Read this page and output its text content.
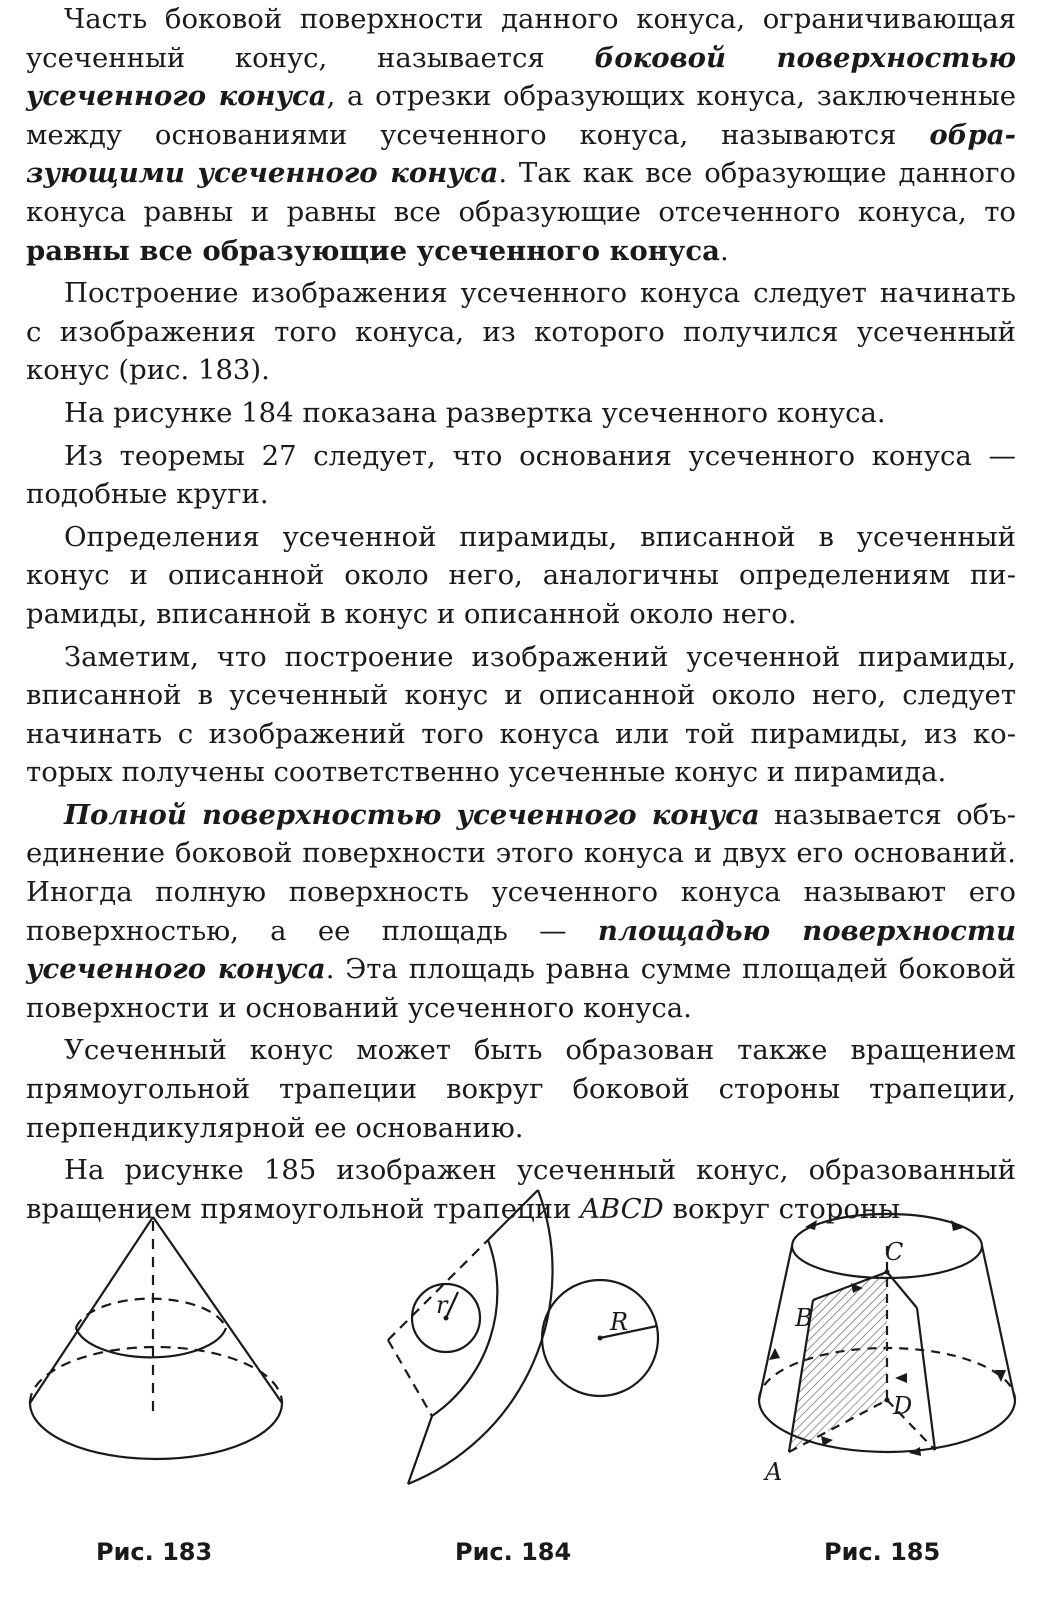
Часть боковой поверхности данного конуса, ограничивающая усеченный конус, называется боковой поверхностью усеченного конуса, а отрезки образующих конуса, заключенные между основаниями усеченного конуса, называются образующими усеченного конуса. Так как все образующие данного конуса равны и равны все образующие отсеченного конуса, то равны все образующие усеченного конуса.

Построение изображения усеченного конуса следует начинать с изображения того конуса, из которого получился усеченный конус (рис. 183).

На рисунке 184 показана развертка усеченного конуса.

Из теоремы 27 следует, что основания усеченного конуса — подобные круги.

Определения усеченной пирамиды, вписанной в усеченный конус и описанной около него, аналогичны определениям пирамиды, вписанной в конус и описанной около него.

Заметим, что построение изображений усеченной пирамиды, вписанной в усеченный конус и описанной около него, следует начинать с изображений того конуса или той пирамиды, из которых получены соответственно усеченные конус и пирамида.

Полной поверхностью усеченного конуса называется объединение боковой поверхности этого конуса и двух его оснований. Иногда полную поверхность усеченного конуса называют его поверхностью, а ее площадь — площадью поверхности усеченного конуса. Эта площадь равна сумме площадей боковой поверхности и оснований усеченного конуса.

Усеченный конус может быть образован также вращением прямоугольной трапеции вокруг боковой стороны трапеции, перпендикулярной ее основанию.

На рисунке 185 изображен усеченный конус, образованный вращением прямоугольной трапеции ABCD вокруг стороны

Рис. 183
r
R
Рис. 184
A
B
C
D
Рис. 185
